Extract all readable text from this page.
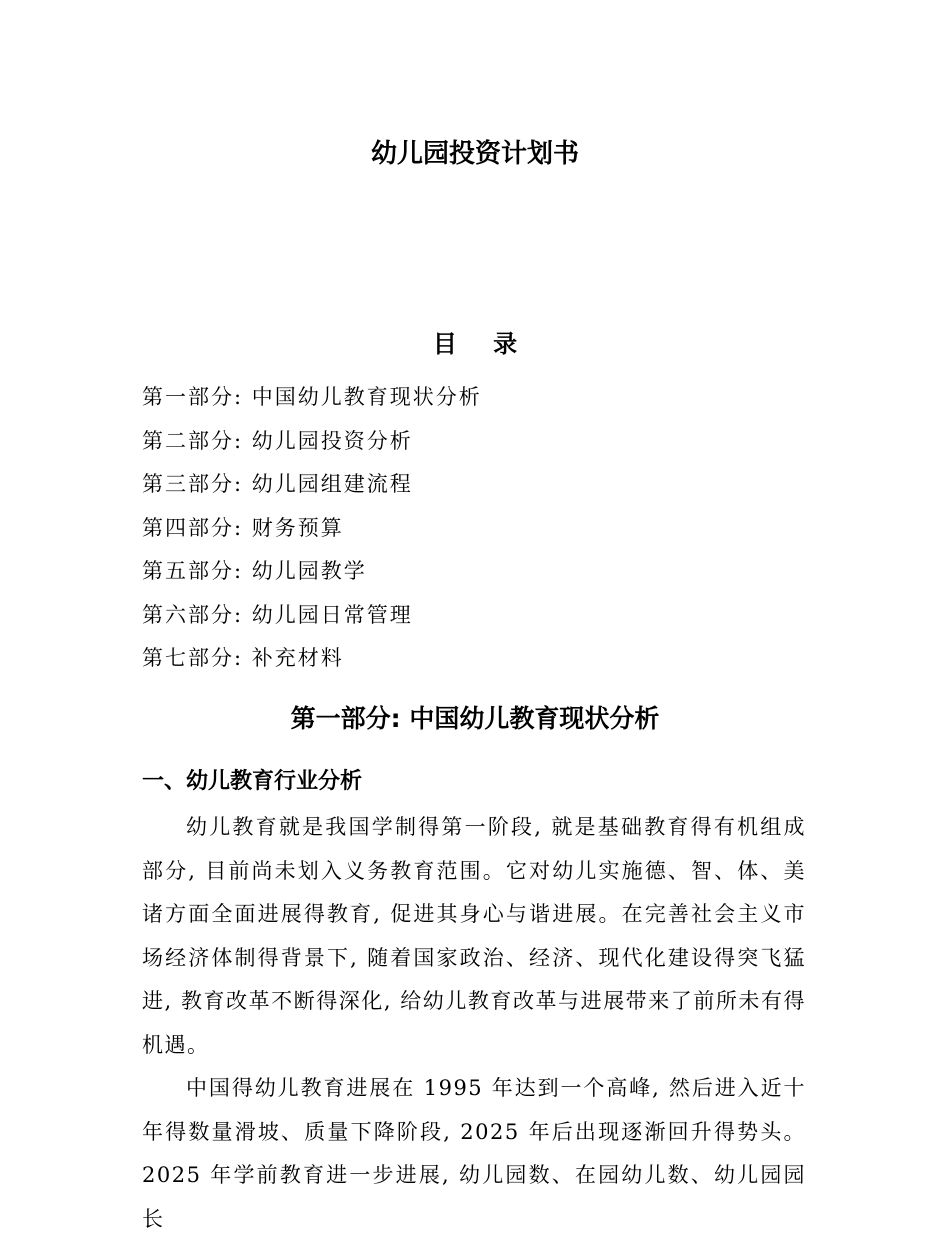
幼儿园投资计划书
目 录
第一部分: 中国幼儿教育现状分析
第二部分: 幼儿园投资分析
第三部分: 幼儿园组建流程
第四部分: 财务预算
第五部分: 幼儿园教学
第六部分: 幼儿园日常管理
第七部分: 补充材料
第一部分: 中国幼儿教育现状分析
一、幼儿教育行业分析

幼儿教育就是我国学制得第一阶段, 就是基础教育得有机组成部分, 目前尚未划入义务教育范围。它对幼儿实施德、智、体、美诸方面全面进展得教育, 促进其身心与谐进展。在完善社会主义市场经济体制得背景下, 随着国家政治、经济、现代化建设得突飞猛进, 教育改革不断得深化, 给幼儿教育改革与进展带来了前所未有得机遇。

中国得幼儿教育进展在 1995 年达到一个高峰, 然后进入近十年得数量滑坡、质量下降阶段, 2025 年后出现逐渐回升得势头。2025 年学前教育进一步进展, 幼儿园数、在园幼儿数、幼儿园园长
